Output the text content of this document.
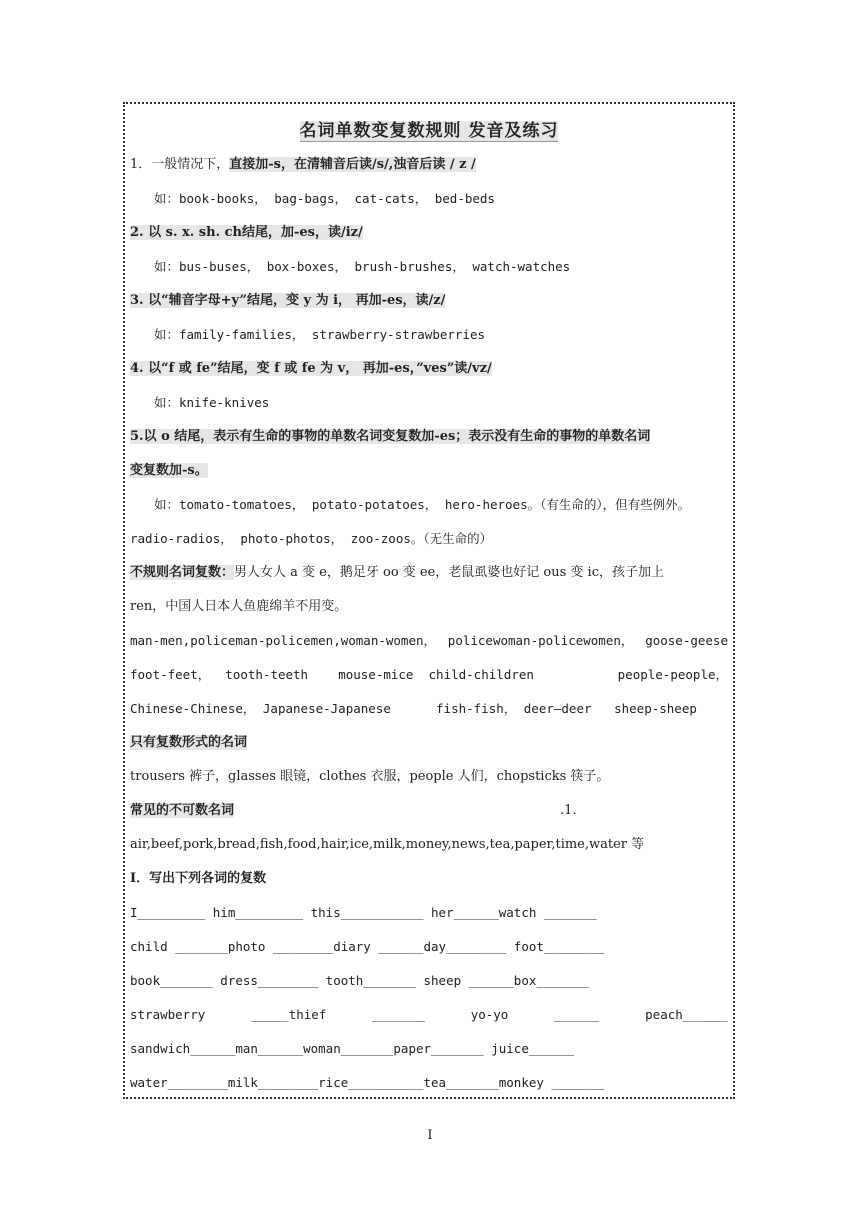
名词单数变复数规则 发音及练习
1．一般情况下，直接加-s，在清辅音后读/s/,浊音后读 / z /
如：book-books， bag-bags， cat-cats， bed-beds
2. 以 s. x. sh. ch结尾，加-es，读/iz/
如：bus-buses， box-boxes， brush-brushes， watch-watches
3. 以“辅音字母+y”结尾，变 y 为 i， 再加-es，读/z/
如：family-families， strawberry-strawberries
4. 以“f 或 fe”结尾，变 f 或 fe 为 v， 再加-es，”ves”读/vz/
如：knife-knives
5.以 o 结尾，表示有生命的事物的单数名词变复数加-es；表示没有生命的事物的单数名词
变复数加-s。
如：tomato-tomatoes， potato-potatoes， hero-heroes。（有生命的），但有些例外。
radio-radios， photo-photos， zoo-zoos。（无生命的）
不规则名词复数：男人女人 a 变 e，鹅足牙 oo 变 ee，老鼠虱婆也好记 ous 变 ic，孩子加上
ren，中国人日本人鱼鹿绵羊不用变。
man-men,policeman-policemen,woman-women， policewoman-policewomen， goose-geese
foot-feet， tooth-teeth mouse-mice child-children	people-people，
Chinese-Chinese， Japanese-Japanese	fish-fish， deer—deer sheep-sheep
只有复数形式的名词
trousers 裤子，glasses 眼镜，clothes 衣服，people 人们，chopsticks 筷子。
常见的不可数名词	.1.
air,beef,pork,bread,fish,food,hair,ice,milk,money,news,tea,paper,time,water 等
Ⅰ．写出下列各词的复数
I_________ him_________ this___________ her______watch _______
child _______photo ________diary ______day________ foot________
book_______ dress________ tooth_______ sheep ______box_______
strawberry	_____thief	_______	yo-yo	______	peach______
sandwich______man______woman_______paper_______ juice______
water________milk________rice__________tea_______monkey _______
I
